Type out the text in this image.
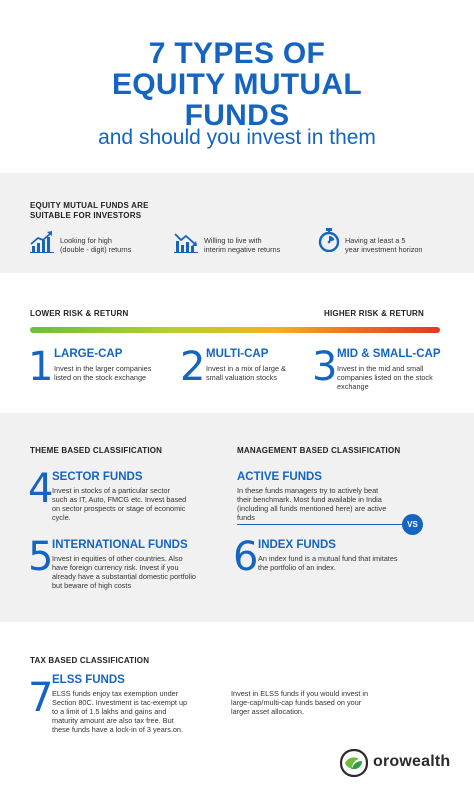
7 TYPES OF
EQUITY MUTUAL
FUNDS
and should you invest in them
EQUITY MUTUAL FUNDS ARE
SUITABLE FOR INVESTORS
Looking for high
(double - digit) returns
Willing to live with
interim negative returns
Having at least a 5
year investment horizon
LOWER RISK & RETURN	HIGHER RISK & RETURN
1 LARGE-CAP
Invest in the larger companies
listed on the stock exchange 2 MULTI-CAP
Invest in a mix of large &
small valuation stocks 3 MID & SMALL-CAP
Invest in the mid and small
companies listed on the stock
exchange
THEME BASED CLASSIFICATION	MANAGEMENT BASED CLASSIFICATION
4
SECTOR FUNDS
Invest in stocks of a particular sector
such as IT, Auto, FMCG etc. Invest based
on sector prospects or stage of economic
cycle.
5
INTERNATIONAL FUNDS
Invest in equities of other countries. Also
have foreign currency risk. Invest if you
already have a substantial domestic portfolio
but beware of high costs
ACTIVE FUNDS
In these funds managers try to actively beat
their benchmark. Most fund available in India
(including all funds mentioned here) are active
funds
VS
6 INDEX FUNDS
An index fund is a mutual fund that imitates
the portfolio of an index.
TAX BASED CLASSIFICATION
7
ELSS FUNDS
ELSS funds enjoy tax exemption under
Section 80C. Investment is tac-exempt up
to a limit of 1.5 lakhs and gains and
maturity amount are also tax free. But
these funds have a lock-in of 3 years.on.
Invest in ELSS funds if you would invest in
large-cap/multi-cap funds based on your
larger asset allocation.
orowealth
